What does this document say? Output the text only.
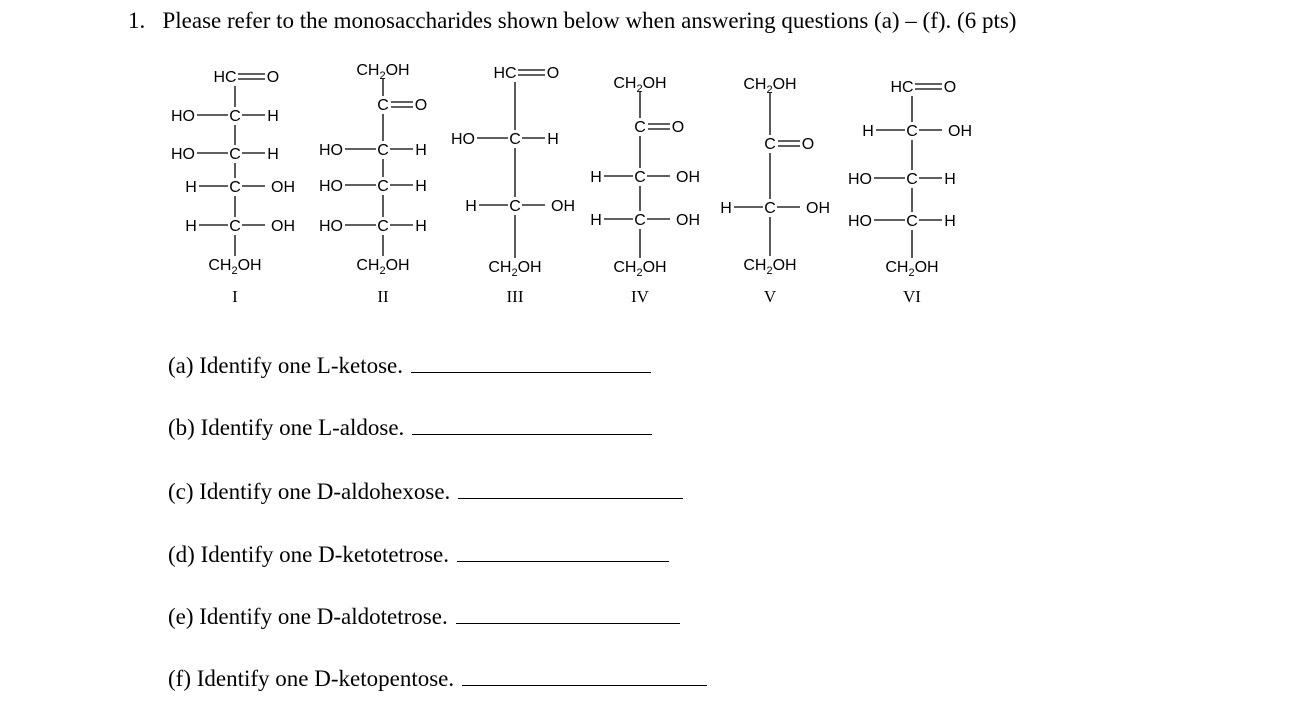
1. Please refer to the monosaccharides shown below when answering questions (a) – (f). (6 pts)
HC O
HO C H
HO C H
H C OH
H C OH
$CH_2OH$
I
$CH_2OH$
C O
HO C H
HO C H
HO C H
$CH_2OH$
II
HC O
HO C H
H C OH
$CH_2OH$
III
$CH_2OH$
C O
H C OH
H C OH
$CH_2OH$
IV
$CH_2OH$
C O
H C OH
$CH_2OH$
V
HC O
H C OH
HO C H
HO C H
$CH_2OH$
VI
(a) Identify one L-ketose.
(b) Identify one L-aldose.
(c) Identify one D-aldohexose.
(d) Identify one D-ketotetrose.
(e) Identify one D-aldotetrose.
(f) Identify one D-ketopentose.
